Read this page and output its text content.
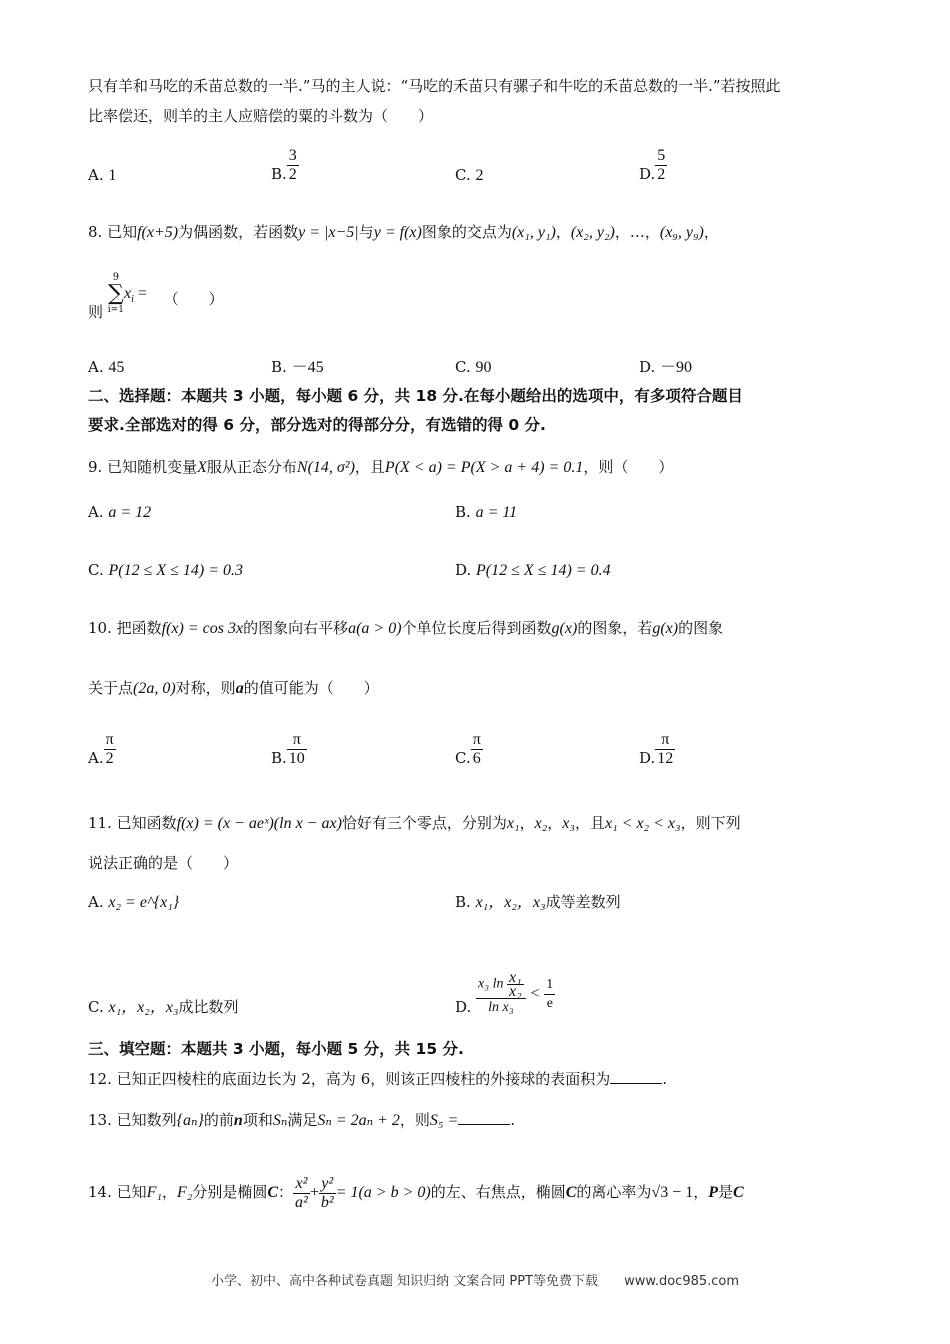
只有羊和马吃的禾苗总数的一半.”马的主人说：“马吃的禾苗只有骡子和牛吃的禾苗总数的一半.”若按照此
比率偿还，则羊的主人应赔偿的粟的斗数为（　　）
A. 1	B. $\frac{3}{2}$	C. 2	D. $\frac{5}{2}$
8. 已知f(x+5)为偶函数，若函数y = |x−5|与y = f(x)图象的交点为(x₁, y₁)，(x₂, y₂)，…，(x₉, y₉)，
则
9
∑
i=1
$x_i$ = （　　）
A. 45	B. －45	C. 90	D. －90
二、选择题：本题共 3 小题，每小题 6 分，共 18 分.在每小题给出的选项中，有多项符合题目
要求.全部选对的得 6 分，部分选对的得部分分，有选错的得 0 分.
9. 已知随机变量X服从正态分布N(14, σ²)，且P(X < a) = P(X > a + 4) = 0.1，则（　　）
A. a = 12	B. a = 11
C. P(12 ≤ X ≤ 14) = 0.3	D. P(12 ≤ X ≤ 14) = 0.4
10. 把函数f(x) = cos 3x的图象向右平移a(a > 0)个单位长度后得到函数g(x)的图象，若g(x)的图象
关于点(2a, 0)对称，则a的值可能为（　　）
A. $\frac{\pi}{2}$	B. $\frac{\pi}{10}$	C. $\frac{\pi}{6}$	D. $\frac{\pi}{12}$
11. 已知函数f(x) = (x − aeˣ)(ln x − ax)恰好有三个零点，分别为x₁，x₂，x₃，且x₁ < x₂ < x₃，则下列
说法正确的是（　　）
A. x₂ = e^{x₁}	B. x₁，x₂，x₃成等差数列
C. x₁，x₂，x₃成比数列	D. $\frac{x_3 \ln \frac{\text{x₁}}{\text{x₂}}}{\text{ln x₃}} < \frac{1}{e}$
三、填空题：本题共 3 小题，每小题 5 分，共 15 分.
12. 已知正四棱柱的底面边长为 2，高为 6，则该正四棱柱的外接球的表面积为	.
13. 已知数列{aₙ}的前n项和Sₙ满足Sₙ = 2aₙ + 2，则S₅ =	.
14. 已知F₁，F₂分别是椭圆C： $\frac{\text{x²}}{\text{a²}} + \frac{\text{y²}}{\text{b²}} = 1(a > b > 0)$的左、右焦点，椭圆C的离心率为√3 − 1，P是C
小学、初中、高中各种试卷真题 知识归纳 文案合同 PPT等免费下载 www.doc985.com
